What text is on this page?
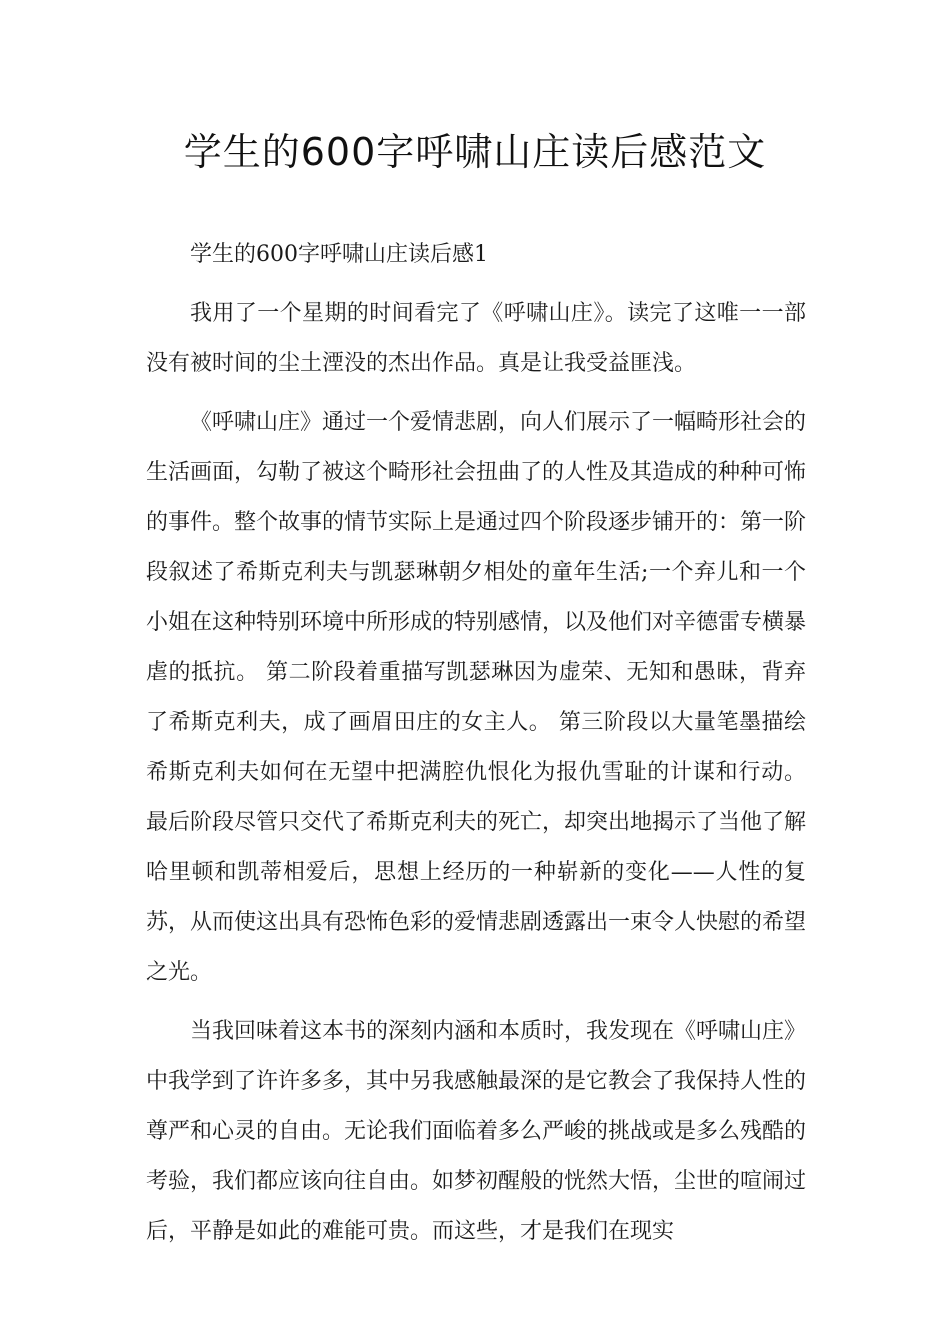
学生的600字呼啸山庄读后感范文

学生的600字呼啸山庄读后感1

我用了一个星期的时间看完了《呼啸山庄》。读完了这唯一一部没有被时间的尘土湮没的杰出作品。真是让我受益匪浅。

《呼啸山庄》通过一个爱情悲剧，向人们展示了一幅畸形社会的生活画面，勾勒了被这个畸形社会扭曲了的人性及其造成的种种可怖的事件。整个故事的情节实际上是通过四个阶段逐步铺开的：第一阶段叙述了希斯克利夫与凯瑟琳朝夕相处的童年生活;一个弃儿和一个小姐在这种特别环境中所形成的特别感情，以及他们对辛德雷专横暴虐的抵抗。 第二阶段着重描写凯瑟琳因为虚荣、无知和愚昧，背弃了希斯克利夫，成了画眉田庄的女主人。 第三阶段以大量笔墨描绘希斯克利夫如何在无望中把满腔仇恨化为报仇雪耻的计谋和行动。 最后阶段尽管只交代了希斯克利夫的死亡，却突出地揭示了当他了解哈里顿和凯蒂相爱后，思想上经历的一种崭新的变化——人性的复苏，从而使这出具有恐怖色彩的爱情悲剧透露出一束令人快慰的希望之光。

当我回味着这本书的深刻内涵和本质时，我发现在《呼啸山庄》中我学到了许许多多，其中另我感触最深的是它教会了我保持人性的尊严和心灵的自由。无论我们面临着多么严峻的挑战或是多么残酷的考验，我们都应该向往自由。如梦初醒般的恍然大悟，尘世的喧闹过后，平静是如此的难能可贵。而这些，才是我们在现实
